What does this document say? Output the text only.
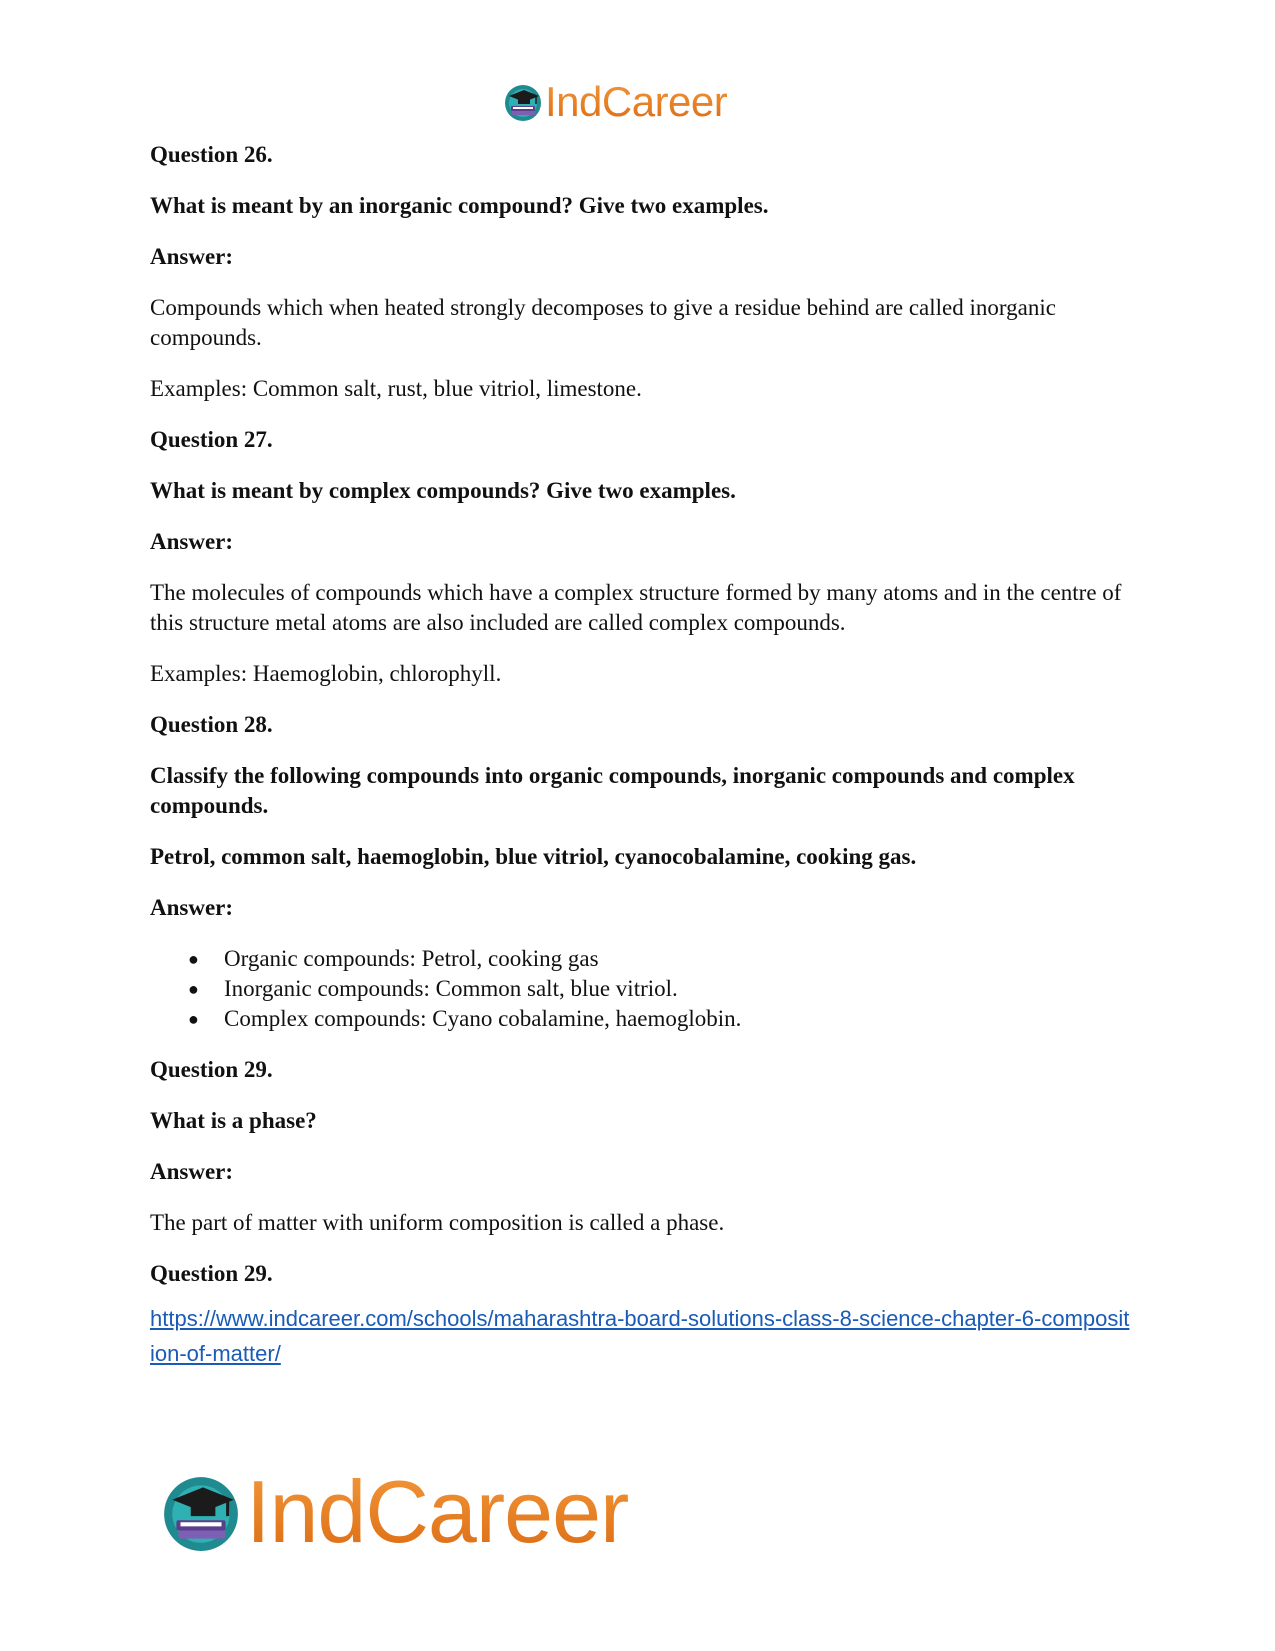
IndCareer

Question 26.

What is meant by an inorganic compound? Give two examples.

Answer:

Compounds which when heated strongly decomposes to give a residue behind are called inorganic compounds.

Examples: Common salt, rust, blue vitriol, limestone.

Question 27.

What is meant by complex compounds? Give two examples.

Answer:

The molecules of compounds which have a complex structure formed by many atoms and in the centre of this structure metal atoms are also included are called complex compounds.

Examples: Haemoglobin, chlorophyll.

Question 28.

Classify the following compounds into organic compounds, inorganic compounds and complex compounds.

Petrol, common salt, haemoglobin, blue vitriol, cyanocobalamine, cooking gas.

Answer:

● Organic compounds: Petrol, cooking gas
● Inorganic compounds: Common salt, blue vitriol.
● Complex compounds: Cyano cobalamine, haemoglobin.

Question 29.

What is a phase?

Answer:

The part of matter with uniform composition is called a phase.

Question 29.

https://www.indcareer.com/schools/maharashtra-board-solutions-class-8-science-chapter-6-composition-of-matter/
IndCareer
